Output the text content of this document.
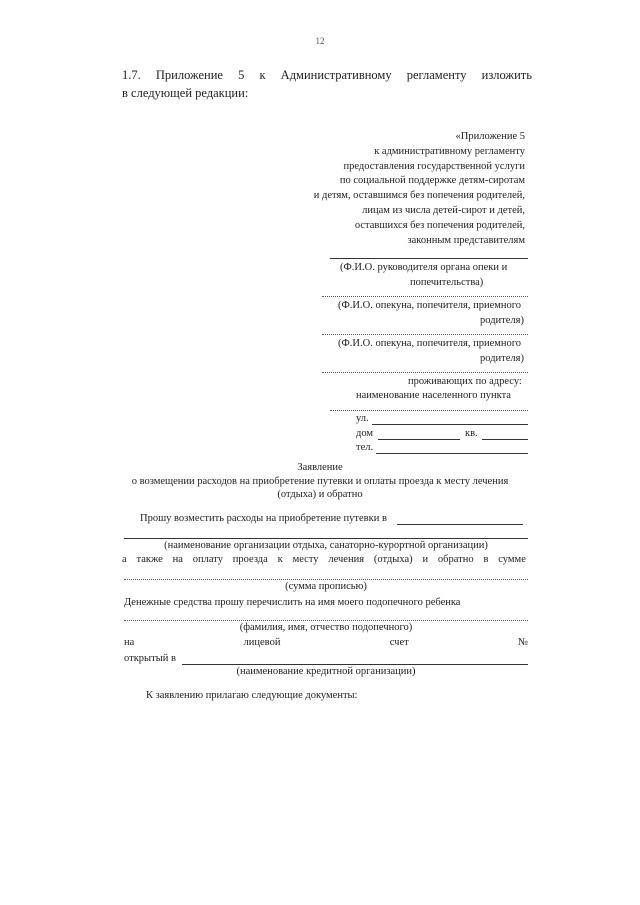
12
1.7. Приложение 5 к Административному регламенту изложить
в следующей редакции:
«Приложение 5
к административному регламенту
предоставления государственной услуги
по социальной поддержке детям-сиротам
и детям, оставшимся без попечения родителей,
лицам из числа детей-сирот и детей,
оставшихся без попечения родителей,
законным представителям
(Ф.И.О. руководителя органа опеки и
попечительства)
(Ф.И.О. опекуна, попечителя, приемного
родителя)
(Ф.И.О. опекуна, попечителя, приемного
родителя)
проживающих по адресу:
наименование населенного пункта
ул.
дом	кв.
тел.
Заявление
о возмещении расходов на приобретение путевки и оплаты проезда к месту лечения
(отдыха) и обратно
Прошу возместить расходы на приобретение путевки в
(наименование организации отдыха, санаторно-курортной организации)
а также на оплату проезда к месту лечения (отдыха) и обратно в сумме
(сумма прописью)
Денежные средства прошу перечислить на имя моего подопечного ребенка
(фамилия, имя, отчество подопечного)
на	лицевой	счет	№
открытый в
(наименование кредитной организации)
К заявлению прилагаю следующие документы:
